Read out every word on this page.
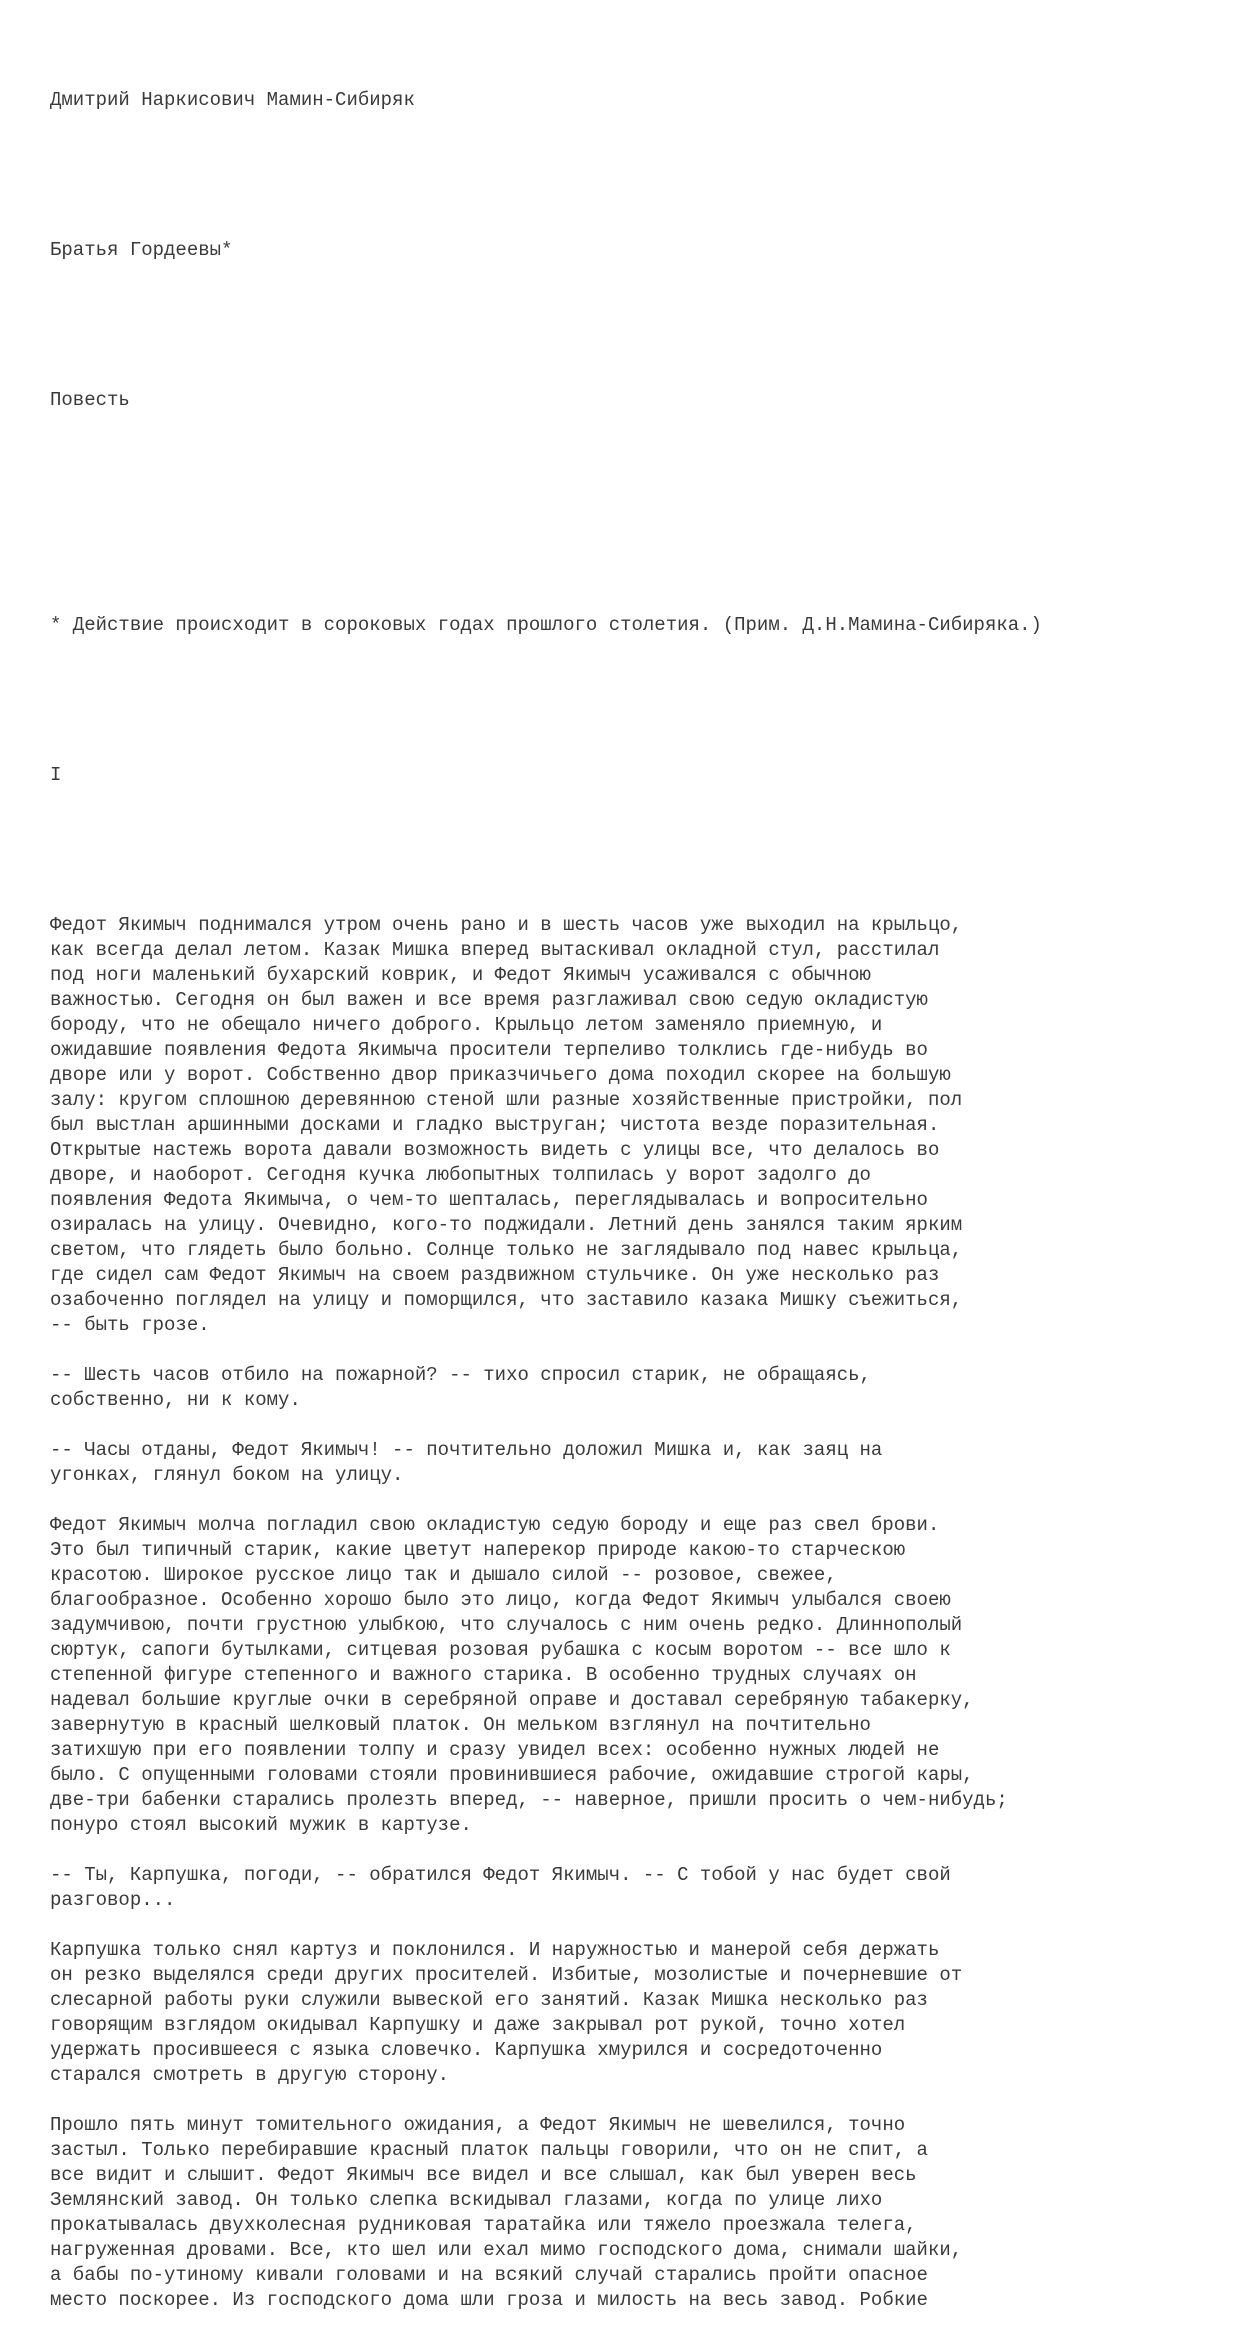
Дмитрий Наркисович Мамин-Сибиряк

Братья Гордеевы*

Повесть

* Действие происходит в сороковых годах прошлого столетия. (Прим. Д.Н.Мамина-Сибиряка.)

I

Федот Якимыч поднимался утром очень рано и в шесть часов уже выходил на крыльцо,
как всегда делал летом. Казак Мишка вперед вытаскивал окладной стул, расстилал
под ноги маленький бухарский коврик, и Федот Якимыч усаживался с обычною
важностью. Сегодня он был важен и все время разглаживал свою седую окладистую
бороду, что не обещало ничего доброго. Крыльцо летом заменяло приемную, и
ожидавшие появления Федота Якимыча просители терпеливо толклись где-нибудь во
дворе или у ворот. Собственно двор приказчичьего дома походил скорее на большую
залу: кругом сплошною деревянною стеной шли разные хозяйственные пристройки, пол
был выстлан аршинными досками и гладко выструган; чистота везде поразительная.
Открытые настежь ворота давали возможность видеть с улицы все, что делалось во
дворе, и наоборот. Сегодня кучка любопытных толпилась у ворот задолго до
появления Федота Якимыча, о чем-то шепталась, переглядывалась и вопросительно
озиралась на улицу. Очевидно, кого-то поджидали. Летний день занялся таким ярким
светом, что глядеть было больно. Солнце только не заглядывало под навес крыльца,
где сидел сам Федот Якимыч на своем раздвижном стульчике. Он уже несколько раз
озабоченно поглядел на улицу и поморщился, что заставило казака Мишку съежиться,
-- быть грозе.
-- Шесть часов отбило на пожарной? -- тихо спросил старик, не обращаясь,
собственно, ни к кому.
-- Часы отданы, Федот Якимыч! -- почтительно доложил Мишка и, как заяц на
угонках, глянул боком на улицу.
Федот Якимыч молча погладил свою окладистую седую бороду и еще раз свел брови.
Это был типичный старик, какие цветут наперекор природе какою-то старческою
красотою. Широкое русское лицо так и дышало силой -- розовое, свежее,
благообразное. Особенно хорошо было это лицо, когда Федот Якимыч улыбался своею
задумчивою, почти грустною улыбкою, что случалось с ним очень редко. Длиннополый
сюртук, сапоги бутылками, ситцевая розовая рубашка с косым воротом -- все шло к
степенной фигуре степенного и важного старика. В особенно трудных случаях он
надевал большие круглые очки в серебряной оправе и доставал серебряную табакерку,
завернутую в красный шелковый платок. Он мельком взглянул на почтительно
затихшую при его появлении толпу и сразу увидел всех: особенно нужных людей не
было. С опущенными головами стояли провинившиеся рабочие, ожидавшие строгой кары,
две-три бабенки старались пролезть вперед, -- наверное, пришли просить о чем-нибудь;
понуро стоял высокий мужик в картузе.
-- Ты, Карпушка, погоди, -- обратился Федот Якимыч. -- С тобой у нас будет свой
разговор...
Карпушка только снял картуз и поклонился. И наружностью и манерой себя держать
он резко выделялся среди других просителей. Избитые, мозолистые и почерневшие от
слесарной работы руки служили вывеской его занятий. Казак Мишка несколько раз
говорящим взглядом окидывал Карпушку и даже закрывал рот рукой, точно хотел
удержать просившееся с языка словечко. Карпушка хмурился и сосредоточенно
старался смотреть в другую сторону.
Прошло пять минут томительного ожидания, а Федот Якимыч не шевелился, точно
застыл. Только перебиравшие красный платок пальцы говорили, что он не спит, а
все видит и слышит. Федот Якимыч все видел и все слышал, как был уверен весь
Землянский завод. Он только слепка вскидывал глазами, когда по улице лихо
прокатывалась двухколесная рудниковая таратайка или тяжело проезжала телега,
нагруженная дровами. Все, кто шел или ехал мимо господского дома, снимали шайки,
а бабы по-утиному кивали головами и на всякий случай старались пройти опасное
место поскорее. Из господского дома шли гроза и милость на весь завод. Робкие
